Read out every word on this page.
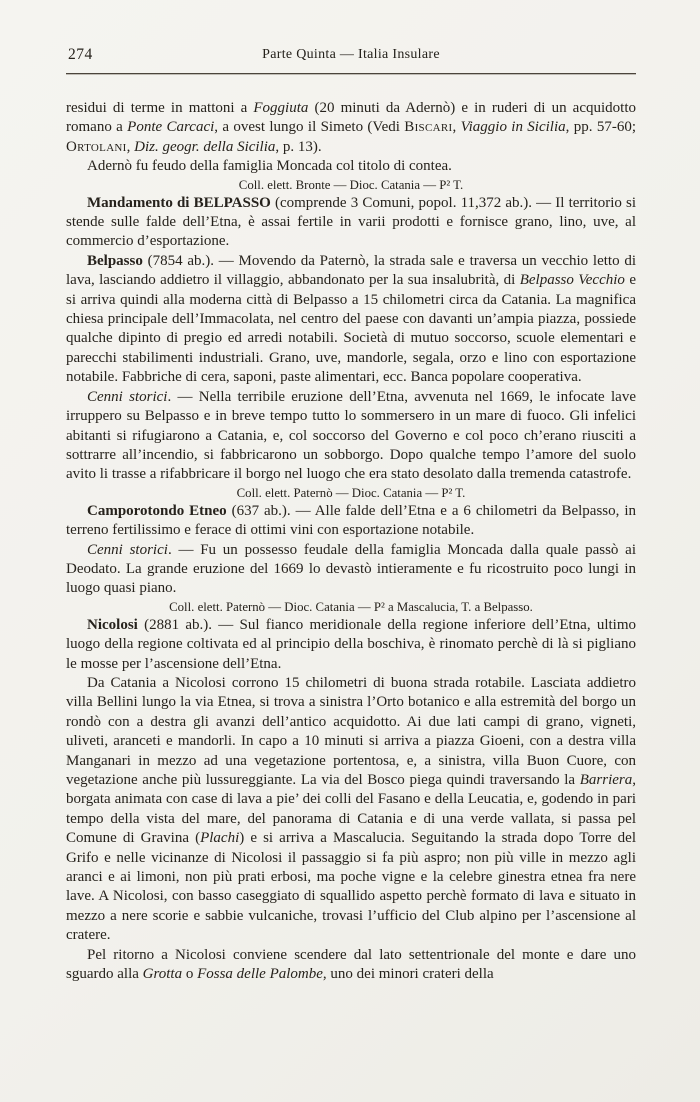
274	Parte Quinta — Italia Insulare

residui di terme in mattoni a Foggiuta (20 minuti da Adernò) e in ruderi di un acquidotto romano a Ponte Carcaci, a ovest lungo il Simeto (Vedi Biscari, Viaggio in Sicilia, pp. 57-60; Ortolani, Diz. geogr. della Sicilia, p. 13).

Adernò fu feudo della famiglia Moncada col titolo di contea.

Coll. elett. Bronte — Dioc. Catania — P² T.

Mandamento di BELPASSO (comprende 3 Comuni, popol. 11,372 ab.). — Il territorio si stende sulle falde dell’Etna, è assai fertile in varii prodotti e fornisce grano, lino, uve, al commercio d’esportazione.

Belpasso (7854 ab.). — Movendo da Paternò, la strada sale e traversa un vecchio letto di lava, lasciando addietro il villaggio, abbandonato per la sua insalubrità, di Belpasso Vecchio e si arriva quindi alla moderna città di Belpasso a 15 chilometri circa da Catania. La magnifica chiesa principale dell’Immacolata, nel centro del paese con davanti un’ampia piazza, possiede qualche dipinto di pregio ed arredi notabili. Società di mutuo soccorso, scuole elementari e parecchi stabilimenti industriali. Grano, uve, mandorle, segala, orzo e lino con esportazione notabile. Fabbriche di cera, saponi, paste alimentari, ecc. Banca popolare cooperativa.

Cenni storici. — Nella terribile eruzione dell’Etna, avvenuta nel 1669, le infocate lave irruppero su Belpasso e in breve tempo tutto lo sommersero in un mare di fuoco. Gli infelici abitanti si rifugiarono a Catania, e, col soccorso del Governo e col poco ch’erano riusciti a sottrarre all’incendio, si fabbricarono un sobborgo. Dopo qualche tempo l’amore del suolo avito li trasse a rifabbricare il borgo nel luogo che era stato desolato dalla tremenda catastrofe.

Coll. elett. Paternò — Dioc. Catania — P² T.

Camporotondo Etneo (637 ab.). — Alle falde dell’Etna e a 6 chilometri da Belpasso, in terreno fertilissimo e ferace di ottimi vini con esportazione notabile.

Cenni storici. — Fu un possesso feudale della famiglia Moncada dalla quale passò ai Deodato. La grande eruzione del 1669 lo devastò intieramente e fu ricostruito poco lungi in luogo quasi piano.

Coll. elett. Paternò — Dioc. Catania — P² a Mascalucia, T. a Belpasso.

Nicolosi (2881 ab.). — Sul fianco meridionale della regione inferiore dell’Etna, ultimo luogo della regione coltivata ed al principio della boschiva, è rinomato perchè di là si pigliano le mosse per l’ascensione dell’Etna.

Da Catania a Nicolosi corrono 15 chilometri di buona strada rotabile. Lasciata addietro villa Bellini lungo la via Etnea, si trova a sinistra l’Orto botanico e alla estremità del borgo un rondò con a destra gli avanzi dell’antico acquidotto. Ai due lati campi di grano, vigneti, uliveti, aranceti e mandorli. In capo a 10 minuti si arriva a piazza Gioeni, con a destra villa Manganari in mezzo ad una vegetazione portentosa, e, a sinistra, villa Buon Cuore, con vegetazione anche più lussureggiante. La via del Bosco piega quindi traversando la Barriera, borgata animata con case di lava a pie’ dei colli del Fasano e della Leucatia, e, godendo in pari tempo della vista del mare, del panorama di Catania e di una verde vallata, si passa pel Comune di Gravina (Plachi) e si arriva a Mascalucia. Seguitando la strada dopo Torre del Grifo e nelle vicinanze di Nicolosi il passaggio si fa più aspro; non più ville in mezzo agli aranci e ai limoni, non più prati erbosi, ma poche vigne e la celebre ginestra etnea fra nere lave. A Nicolosi, con basso caseggiato di squallido aspetto perchè formato di lava e situato in mezzo a nere scorie e sabbie vulcaniche, trovasi l’ufficio del Club alpino per l’ascensione al cratere.

Pel ritorno a Nicolosi conviene scendere dal lato settentrionale del monte e dare uno sguardo alla Grotta o Fossa delle Palombe, uno dei minori crateri della
